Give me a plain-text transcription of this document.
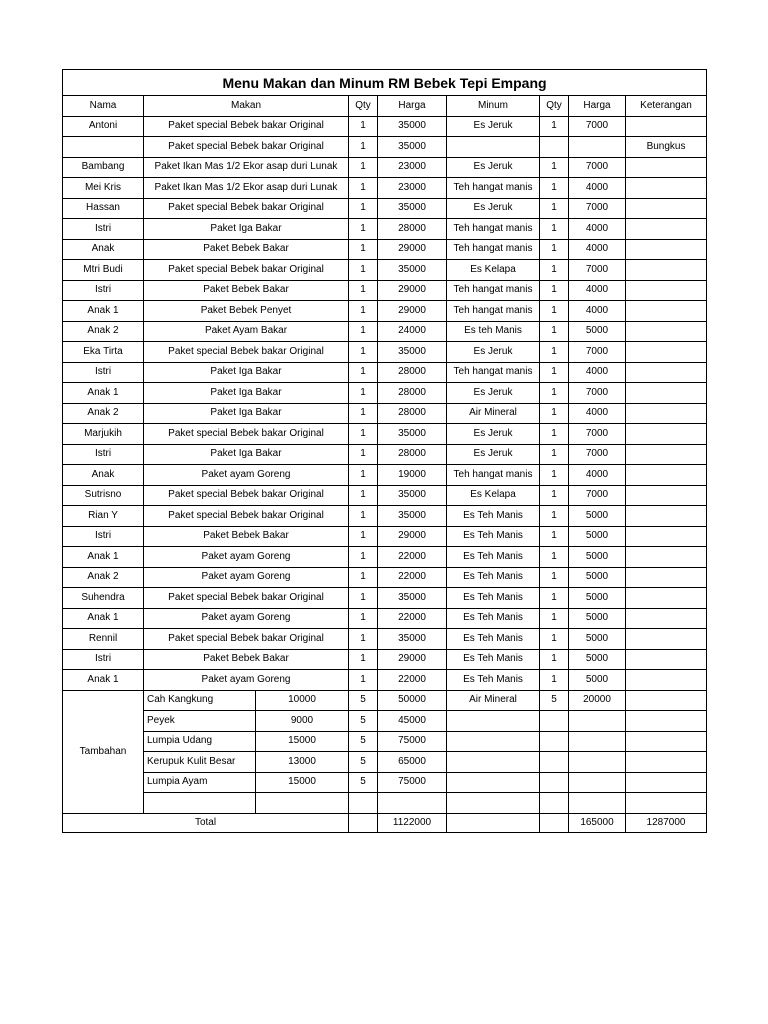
Menu Makan dan Minum RM Bebek Tepi Empang								
Nama	Makan		Qty	Harga	Minum	Qty	Harga	Keterangan
Antoni	Paket special Bebek bakar Original		1	35000	Es Jeruk	1	7000	
	Paket special Bebek bakar Original		1	35000				Bungkus
Bambang	Paket Ikan Mas 1/2 Ekor asap duri Lunak		1	23000	Es Jeruk	1	7000	
Mei Kris	Paket Ikan Mas 1/2 Ekor asap duri Lunak		1	23000	Teh hangat manis	1	4000	
Hassan	Paket special Bebek bakar Original		1	35000	Es Jeruk	1	7000	
Istri	Paket Iga Bakar		1	28000	Teh hangat manis	1	4000	
Anak	Paket Bebek Bakar		1	29000	Teh hangat manis	1	4000	
Mtri Budi	Paket special Bebek bakar Original		1	35000	Es Kelapa	1	7000	
Istri	Paket Bebek Bakar		1	29000	Teh hangat manis	1	4000	
Anak 1	Paket Bebek Penyet		1	29000	Teh hangat manis	1	4000	
Anak 2	Paket Ayam Bakar		1	24000	Es teh Manis	1	5000	
Eka Tirta	Paket special Bebek bakar Original		1	35000	Es Jeruk	1	7000	
Istri	Paket Iga Bakar		1	28000	Teh hangat manis	1	4000	
Anak 1	Paket Iga Bakar		1	28000	Es Jeruk	1	7000	
Anak 2	Paket Iga Bakar		1	28000	Air Mineral	1	4000	
Marjukih	Paket special Bebek bakar Original		1	35000	Es Jeruk	1	7000	
Istri	Paket Iga Bakar		1	28000	Es Jeruk	1	7000	
Anak	Paket ayam Goreng		1	19000	Teh hangat manis	1	4000	
Sutrisno	Paket special Bebek bakar Original		1	35000	Es Kelapa	1	7000	
Rian Y	Paket special Bebek bakar Original		1	35000	Es Teh Manis	1	5000	
Istri	Paket Bebek Bakar		1	29000	Es Teh Manis	1	5000	
Anak 1	Paket ayam Goreng		1	22000	Es Teh Manis	1	5000	
Anak 2	Paket ayam Goreng		1	22000	Es Teh Manis	1	5000	
Suhendra	Paket special Bebek bakar Original		1	35000	Es Teh Manis	1	5000	
Anak 1	Paket ayam Goreng		1	22000	Es Teh Manis	1	5000	
Rennil	Paket special Bebek bakar Original		1	35000	Es Teh Manis	1	5000	
Istri	Paket Bebek Bakar		1	29000	Es Teh Manis	1	5000	
Anak 1	Paket ayam Goreng		1	22000	Es Teh Manis	1	5000	
Tambahan	Cah Kangkung	10000	5	50000	Air Mineral	5	20000	
	Peyek	9000	5	45000				
	Lumpia Udang	15000	5	75000				
	Kerupuk Kulit Besar	13000	5	65000				
	Lumpia Ayam	15000	5	75000				

Total				1122000			165000	1287000
